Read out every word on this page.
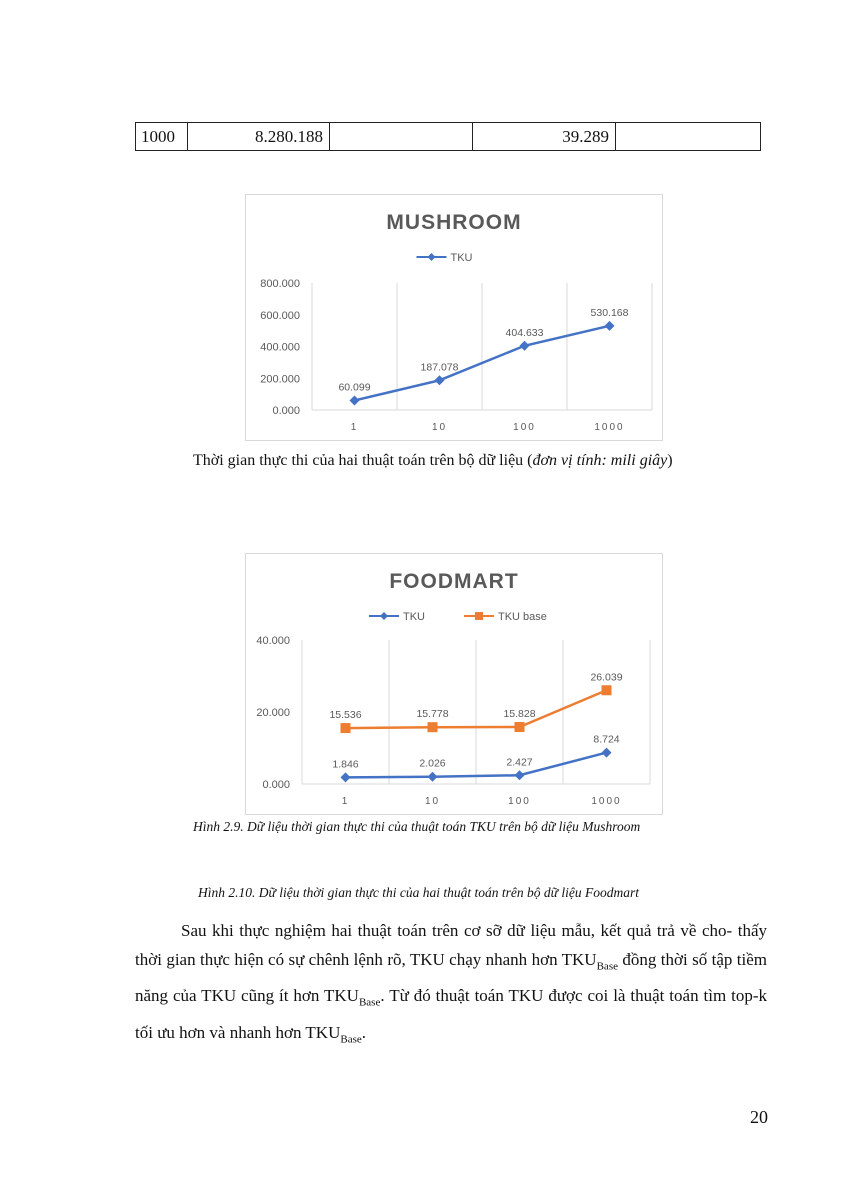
1000	8.280.188		39.289	
MUSHROOM
TKU
0.000
200.000
400.000
600.000
800.000
1	10	100	1000
60.099
187.078
404.633
530.168
Thời gian thực thi của hai thuật toán trên bộ dữ liệu (đơn vị tính: mili giây)
FOODMART
TKU	TKU base
0.000
20.000
40.000
1	10	100	1000
1.846	2.026	2.427
8.724
15.536	15.778	15.828
26.039
Hình 2.9. Dữ liệu thời gian thực thi của thuật toán TKU trên bộ dữ liệu Mushroom
Hình 2.10. Dữ liệu thời gian thực thi của hai thuật toán trên bộ dữ liệu Foodmart
Sau khi thực nghiệm hai thuật toán trên cơ sỡ dữ liệu mẫu, kết quả trả về cho- thấy thời gian thực hiện có sự chênh lệnh rõ, TKU chạy nhanh hơn $TKU_{Base}$ đồng thời số tập tiềm năng của TKU cũng ít hơn $TKU_{Base}$. Từ đó thuật toán TKU được coi là thuật toán tìm top-k tối ưu hơn và nhanh hơn $TKU_{Base}$.
20
